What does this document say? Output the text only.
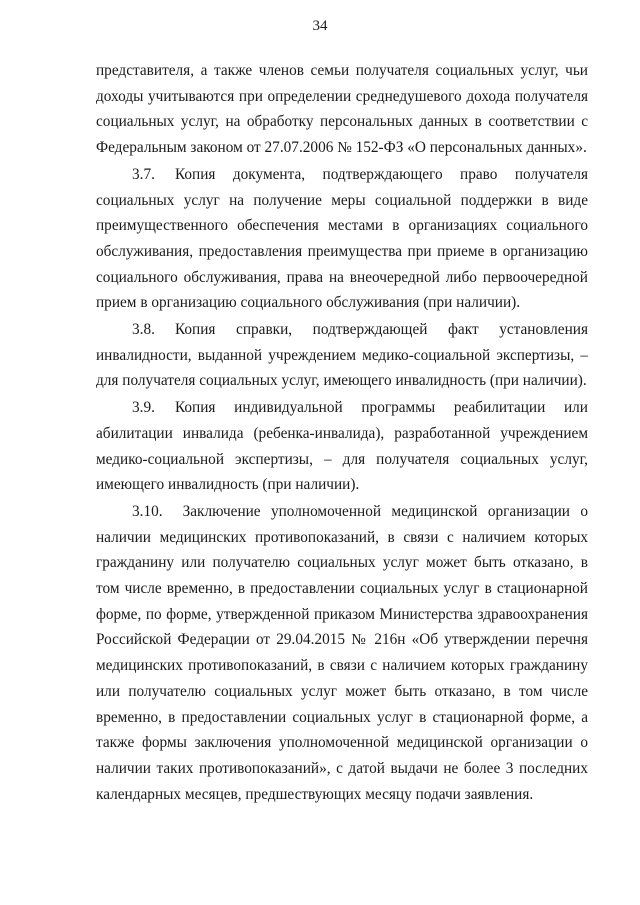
34

представителя, а также членов семьи получателя социальных услуг, чьи доходы учитываются при определении среднедушевого дохода получателя социальных услуг, на обработку персональных данных в соответствии с Федеральным законом от 27.07.2006 № 152-ФЗ «О персональных данных».

3.7. Копия документа, подтверждающего право получателя социальных услуг на получение меры социальной поддержки в виде преимущественного обеспечения местами в организациях социального обслуживания, предоставления преимущества при приеме в организацию социального обслуживания, права на внеочередной либо первоочередной прием в организацию социального обслуживания (при наличии).

3.8. Копия справки, подтверждающей факт установления инвалидности, выданной учреждением медико-социальной экспертизы, – для получателя социальных услуг, имеющего инвалидность (при наличии).

3.9. Копия индивидуальной программы реабилитации или абилитации инвалида (ребенка-инвалида), разработанной учреждением медико-социальной экспертизы, – для получателя социальных услуг, имеющего инвалидность (при наличии).

3.10. Заключение уполномоченной медицинской организации о наличии медицинских противопоказаний, в связи с наличием которых гражданину или получателю социальных услуг может быть отказано, в том числе временно, в предоставлении социальных услуг в стационарной форме, по форме, утвержденной приказом Министерства здравоохранения Российской Федерации от 29.04.2015 № 216н «Об утверждении перечня медицинских противопоказаний, в связи с наличием которых гражданину или получателю социальных услуг может быть отказано, в том числе временно, в предоставлении социальных услуг в стационарной форме, а также формы заключения уполномоченной медицинской организации о наличии таких противопоказаний», с датой выдачи не более 3 последних календарных месяцев, предшествующих месяцу подачи заявления.
